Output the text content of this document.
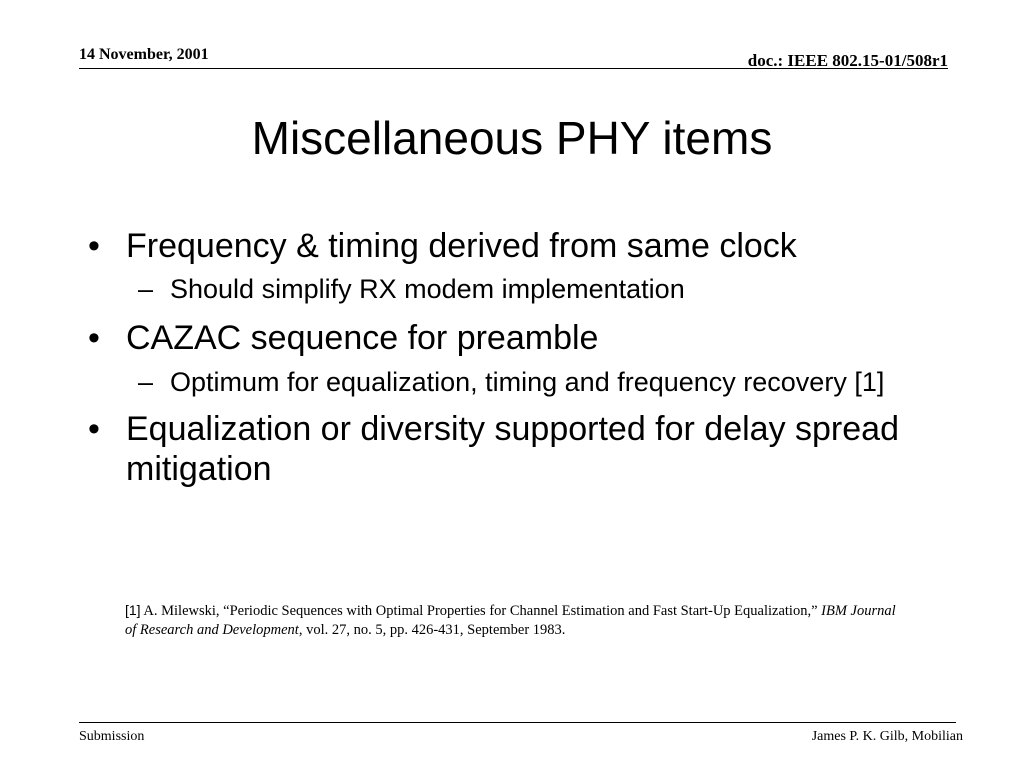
14 November, 2001	doc.: IEEE 802.15-01/508r1
Miscellaneous PHY items
• Frequency & timing derived from same clock
– Should simplify RX modem implementation
• CAZAC sequence for preamble
– Optimum for equalization, timing and frequency recovery [1]
• Equalization or diversity supported for delay spread mitigation
[1] A. Milewski, “Periodic Sequences with Optimal Properties for Channel Estimation and Fast Start-Up Equalization,” IBM Journal of Research and Development, vol. 27, no. 5, pp. 426-431, September 1983.
Submission	James P. K. Gilb, Mobilian
